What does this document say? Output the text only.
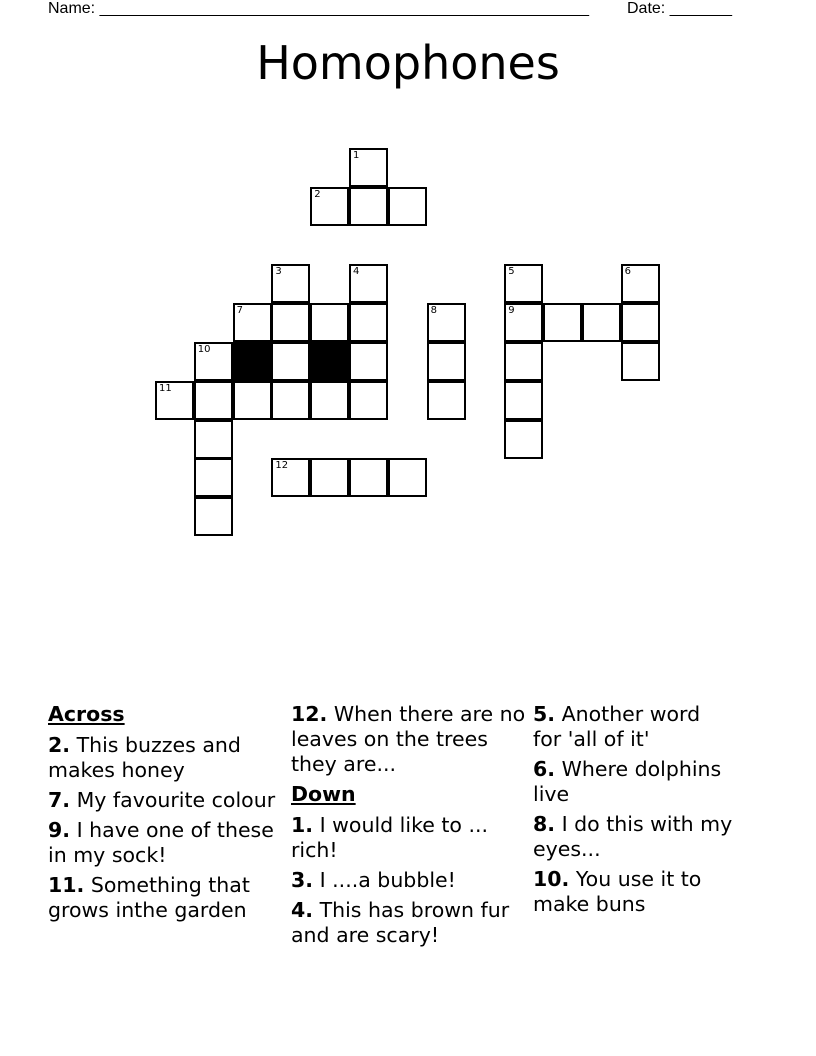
Name: _______________________________________________________ Date: _______
Homophones
1
2
3	4	5	6
7	8	9
10
11
12
Across
2. This buzzes and makes honey
7. My favourite colour
9. I have one of these in my sock!
11. Something that grows inthe garden
12. When there are no leaves on the trees they are...
Down
1. I would like to ... rich!
3. I ....a bubble!
4. This has brown fur and are scary!
5. Another word for 'all of it'
6. Where dolphins live
8. I do this with my eyes...
10. You use it to make buns
